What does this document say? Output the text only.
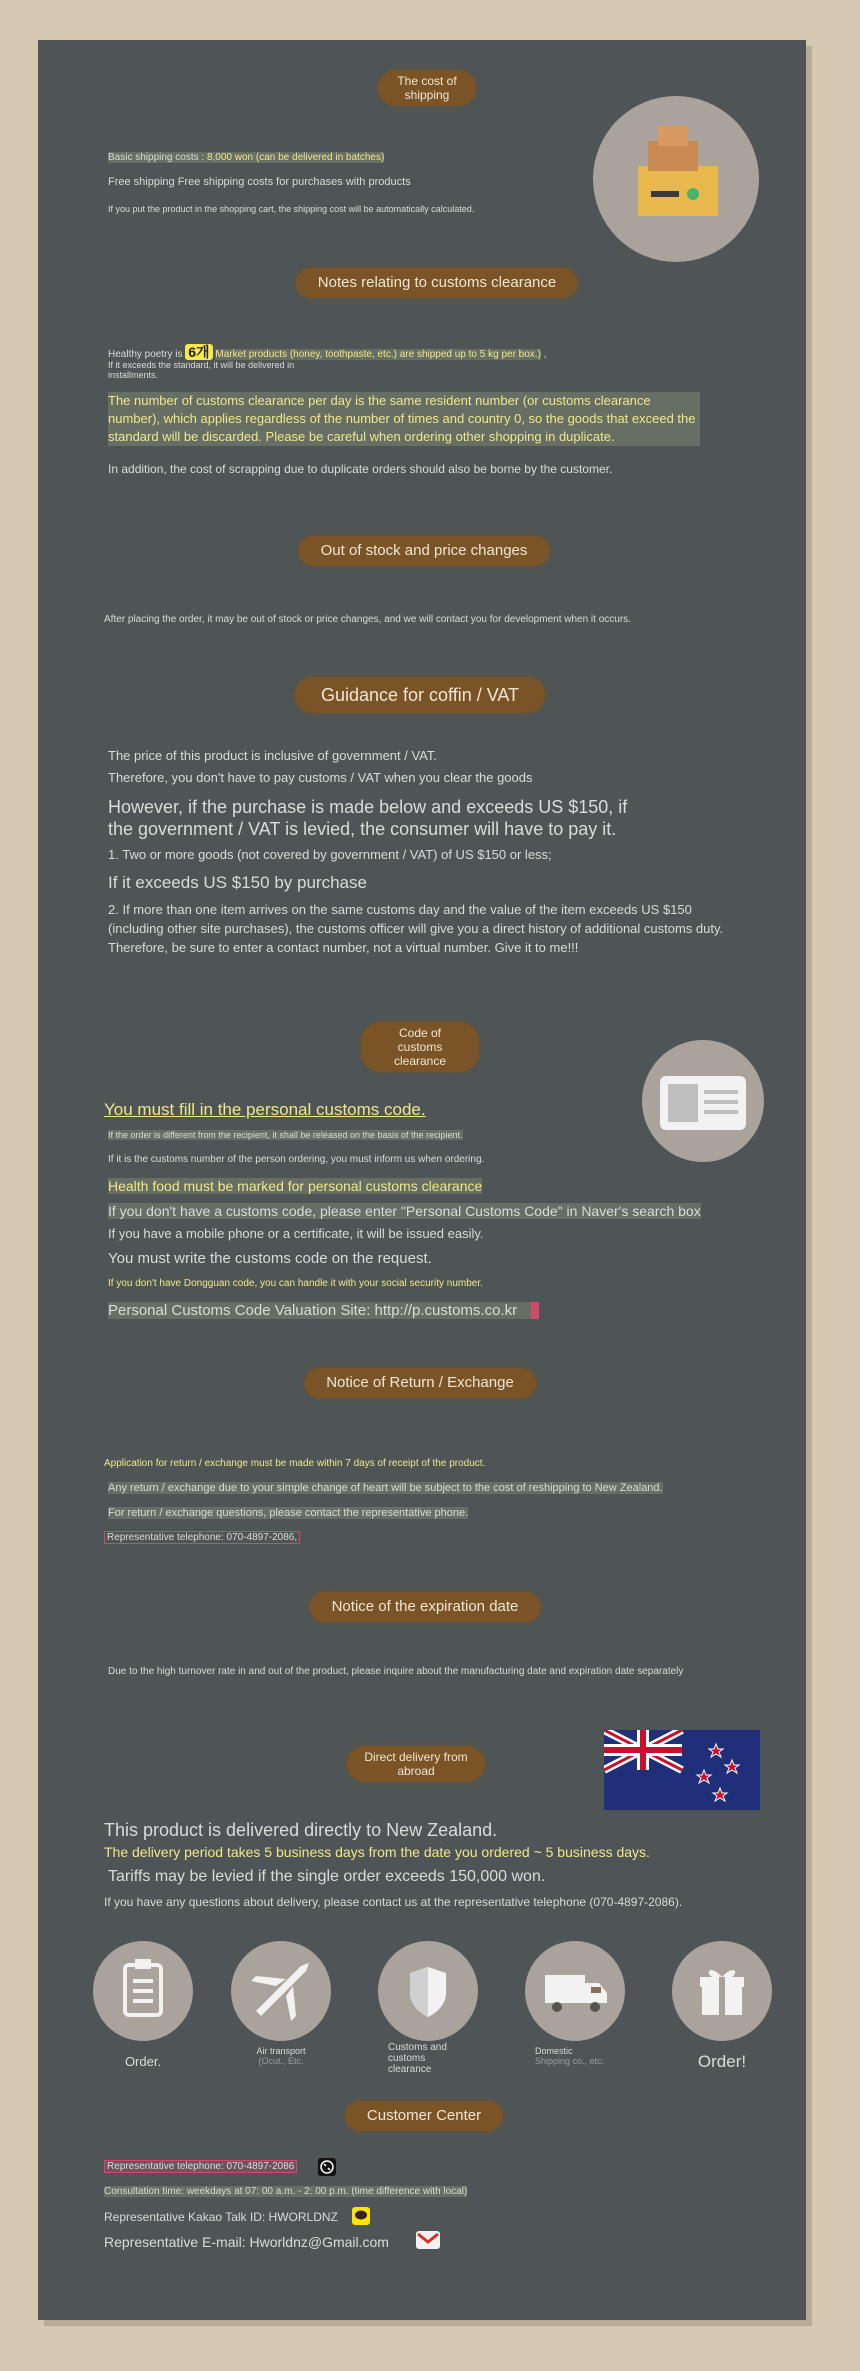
The cost of shipping
Basic shipping costs : 8,000 won (can be delivered in batches)
Free shipping Free shipping costs for purchases with products
If you put the product in the shopping cart, the shipping cost will be automatically calculated.
Notes relating to customs clearance
Healthy poetry is 6개 Market products (honey, toothpaste, etc.) are shipped up to 5 kg per box.) ,
If it exceeds the standard, it will be delivered in installments.
The number of customs clearance per day is the same resident number (or customs clearance number), which applies regardless of the number of times and country 0, so the goods that exceed the standard will be discarded. Please be careful when ordering other shopping in duplicate.
In addition, the cost of scrapping due to duplicate orders should also be borne by the customer.
Out of stock and price changes
After placing the order, it may be out of stock or price changes, and we will contact you for development when it occurs.
Guidance for coffin / VAT
The price of this product is inclusive of government / VAT.
Therefore, you don't have to pay customs / VAT when you clear the goods
However, if the purchase is made below and exceeds US $150, if the government / VAT is levied, the consumer will have to pay it.
1. Two or more goods (not covered by government / VAT) of US $150 or less;
If it exceeds US $150 by purchase
2. If more than one item arrives on the same customs day and the value of the item exceeds US $150 (including other site purchases), the customs officer will give you a direct history of additional customs duty. Therefore, be sure to enter a contact number, not a virtual number. Give it to me!!!
Code of customs clearance
You must fill in the personal customs code.
If the order is different from the recipient, it shall be released on the basis of the recipient.
If it is the customs number of the person ordering, you must inform us when ordering.
Health food must be marked for personal customs clearance
If you don't have a customs code, please enter "Personal Customs Code" in Naver's search box
If you have a mobile phone or a certificate, it will be issued easily.
You must write the customs code on the request.
If you don't have Dongguan code, you can handle it with your social security number.
Personal Customs Code Valuation Site: http://p.customs.co.kr
Notice of Return / Exchange
Application for return / exchange must be made within 7 days of receipt of the product.
Any return / exchange due to your simple change of heart will be subject to the cost of reshipping to New Zealand.
For return / exchange questions, please contact the representative phone.
Representative telephone: 070-4897-2086,
Notice of the expiration date
Due to the high turnover rate in and out of the product, please inquire about the manufacturing date and expiration date separately
Direct delivery from abroad
This product is delivered directly to New Zealand.
The delivery period takes 5 business days from the date you ordered ~ 5 business days.
Tariffs may be levied if the single order exceeds 150,000 won.
If you have any questions about delivery, please contact us at the representative telephone (070-4897-2086).
Order.
Air transport
(Ocut., Etc.
Customs and customs clearance
Domestic
Shipping co., etc.	Order!
Customer Center
Representative telephone: 070-4897-2086
Consultation time: weekdays at 07: 00 a.m. - 2: 00 p.m. (time difference with local)
Representative Kakao Talk ID: HWORLDNZ
Representative E-mail: Hworldnz@Gmail.com
